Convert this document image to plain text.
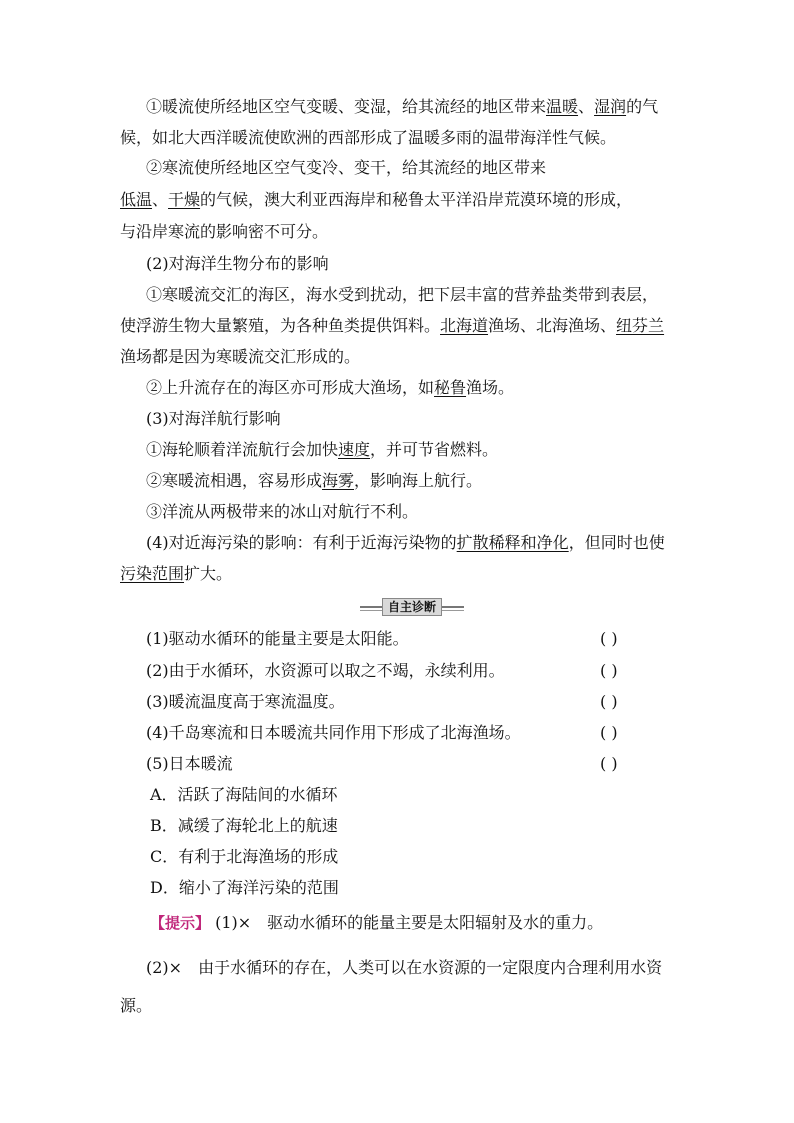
①暖流使所经地区空气变暖、变湿，给其流经的地区带来温暖、湿润的气
候，如北大西洋暖流使欧洲的西部形成了温暖多雨的温带海洋性气候。
②寒流使所经地区空气变冷、变干，给其流经的地区带来
低温、干燥的气候，澳大利亚西海岸和秘鲁太平洋沿岸荒漠环境的形成，
与沿岸寒流的影响密不可分。
(2)对海洋生物分布的影响
①寒暖流交汇的海区，海水受到扰动，把下层丰富的营养盐类带到表层，
使浮游生物大量繁殖，为各种鱼类提供饵料。北海道渔场、北海渔场、纽芬兰
渔场都是因为寒暖流交汇形成的。
②上升流存在的海区亦可形成大渔场，如秘鲁渔场。
(3)对海洋航行影响
①海轮顺着洋流航行会加快速度，并可节省燃料。
②寒暖流相遇，容易形成海雾，影响海上航行。
③洋流从两极带来的冰山对航行不利。
(4)对近海污染的影响：有利于近海污染物的扩散稀释和净化，但同时也使
污染范围扩大。
自主诊断
(1)驱动水循环的能量主要是太阳能。	( )
(2)由于水循环，水资源可以取之不竭，永续利用。	( )
(3)暖流温度高于寒流温度。	( )
(4)千岛寒流和日本暖流共同作用下形成了北海渔场。	( )
(5)日本暖流	( )
A．活跃了海陆间的水循环
B．减缓了海轮北上的航速
C．有利于北海渔场的形成
D．缩小了海洋污染的范围
【提示】 (1)×　驱动水循环的能量主要是太阳辐射及水的重力。
(2)×　由于水循环的存在，人类可以在水资源的一定限度内合理利用水资
源。
